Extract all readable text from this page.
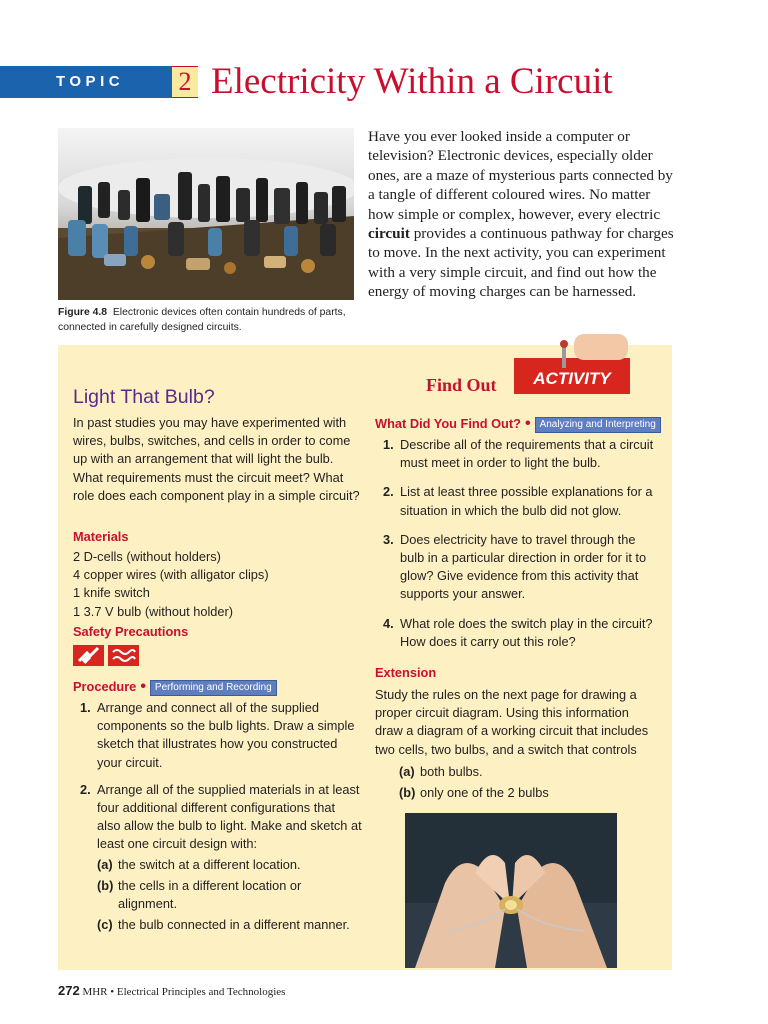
TOPIC 2 Electricity Within a Circuit
Figure 4.8 Electronic devices often contain hundreds of parts, connected in carefully designed circuits.

Have you ever looked inside a computer or television? Electronic devices, especially older ones, are a maze of mysterious parts connected by a tangle of different coloured wires. No matter how simple or complex, however, every electric circuit provides a continuous pathway for charges to move. In the next activity, you can experiment with a very simple circuit, and find out how the energy of moving charges can be harnessed.

Find Out ACTIVITY
Light That Bulb?

In past studies you may have experimented with wires, bulbs, switches, and cells in order to come up with an arrangement that will light the bulb. What requirements must the circuit meet? What role does each component play in a simple circuit?

Materials
2 D-cells (without holders)
4 copper wires (with alligator clips)
1 knife switch
1 3.7 V bulb (without holder)
Safety Precautions
Procedure • Performing and Recording
1. Arrange and connect all of the supplied components so the bulb lights. Draw a simple sketch that illustrates how you constructed your circuit.
2. Arrange all of the supplied materials in at least four additional different configurations that also allow the bulb to light. Make and sketch at least one circuit design with:
(a) the switch at a different location.
(b) the cells in a different location or alignment.
(c) the bulb connected in a different manner.
What Did You Find Out? • Analyzing and Interpreting
1. Describe all of the requirements that a circuit must meet in order to light the bulb.
2. List at least three possible explanations for a situation in which the bulb did not glow.
3. Does electricity have to travel through the bulb in a particular direction in order for it to glow? Give evidence from this activity that supports your answer.
4. What role does the switch play in the circuit? How does it carry out this role?
Extension

Study the rules on the next page for drawing a proper circuit diagram. Using this information draw a diagram of a working circuit that includes two cells, two bulbs, and a switch that controls

(a) both bulbs.
(b) only one of the 2 bulbs
272 MHR • Electrical Principles and Technologies
